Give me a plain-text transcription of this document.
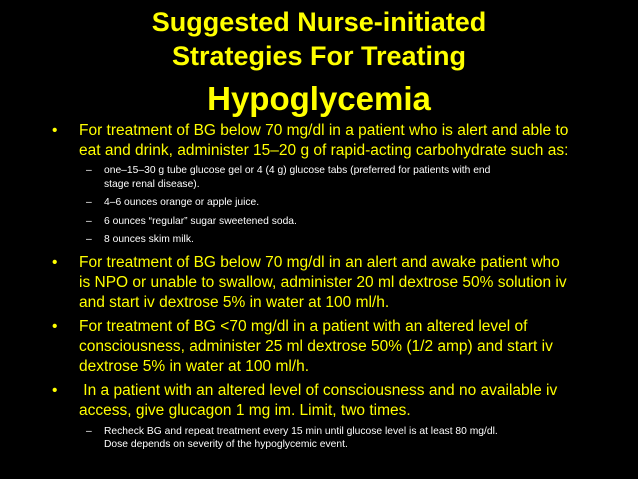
Suggested Nurse-initiated
Strategies For Treating
Hypoglycemia
• For treatment of BG below 70 mg/dl in a patient who is alert and able to
eat and drink, administer 15–20 g of rapid-acting carbohydrate such as:
– one–15–30 g tube glucose gel or 4 (4 g) glucose tabs (preferred for patients with end
stage renal disease).
– 4–6 ounces orange or apple juice.
– 6 ounces “regular” sugar sweetened soda.
– 8 ounces skim milk.
• For treatment of BG below 70 mg/dl in an alert and awake patient who
is NPO or unable to swallow, administer 20 ml dextrose 50% solution iv
and start iv dextrose 5% in water at 100 ml/h.
• For treatment of BG <70 mg/dl in a patient with an altered level of
consciousness, administer 25 ml dextrose 50% (1/2 amp) and start iv
dextrose 5% in water at 100 ml/h.
• In a patient with an altered level of consciousness and no available iv
access, give glucagon 1 mg im. Limit, two times.
– Recheck BG and repeat treatment every 15 min until glucose level is at least 80 mg/dl.
Dose depends on severity of the hypoglycemic event.
